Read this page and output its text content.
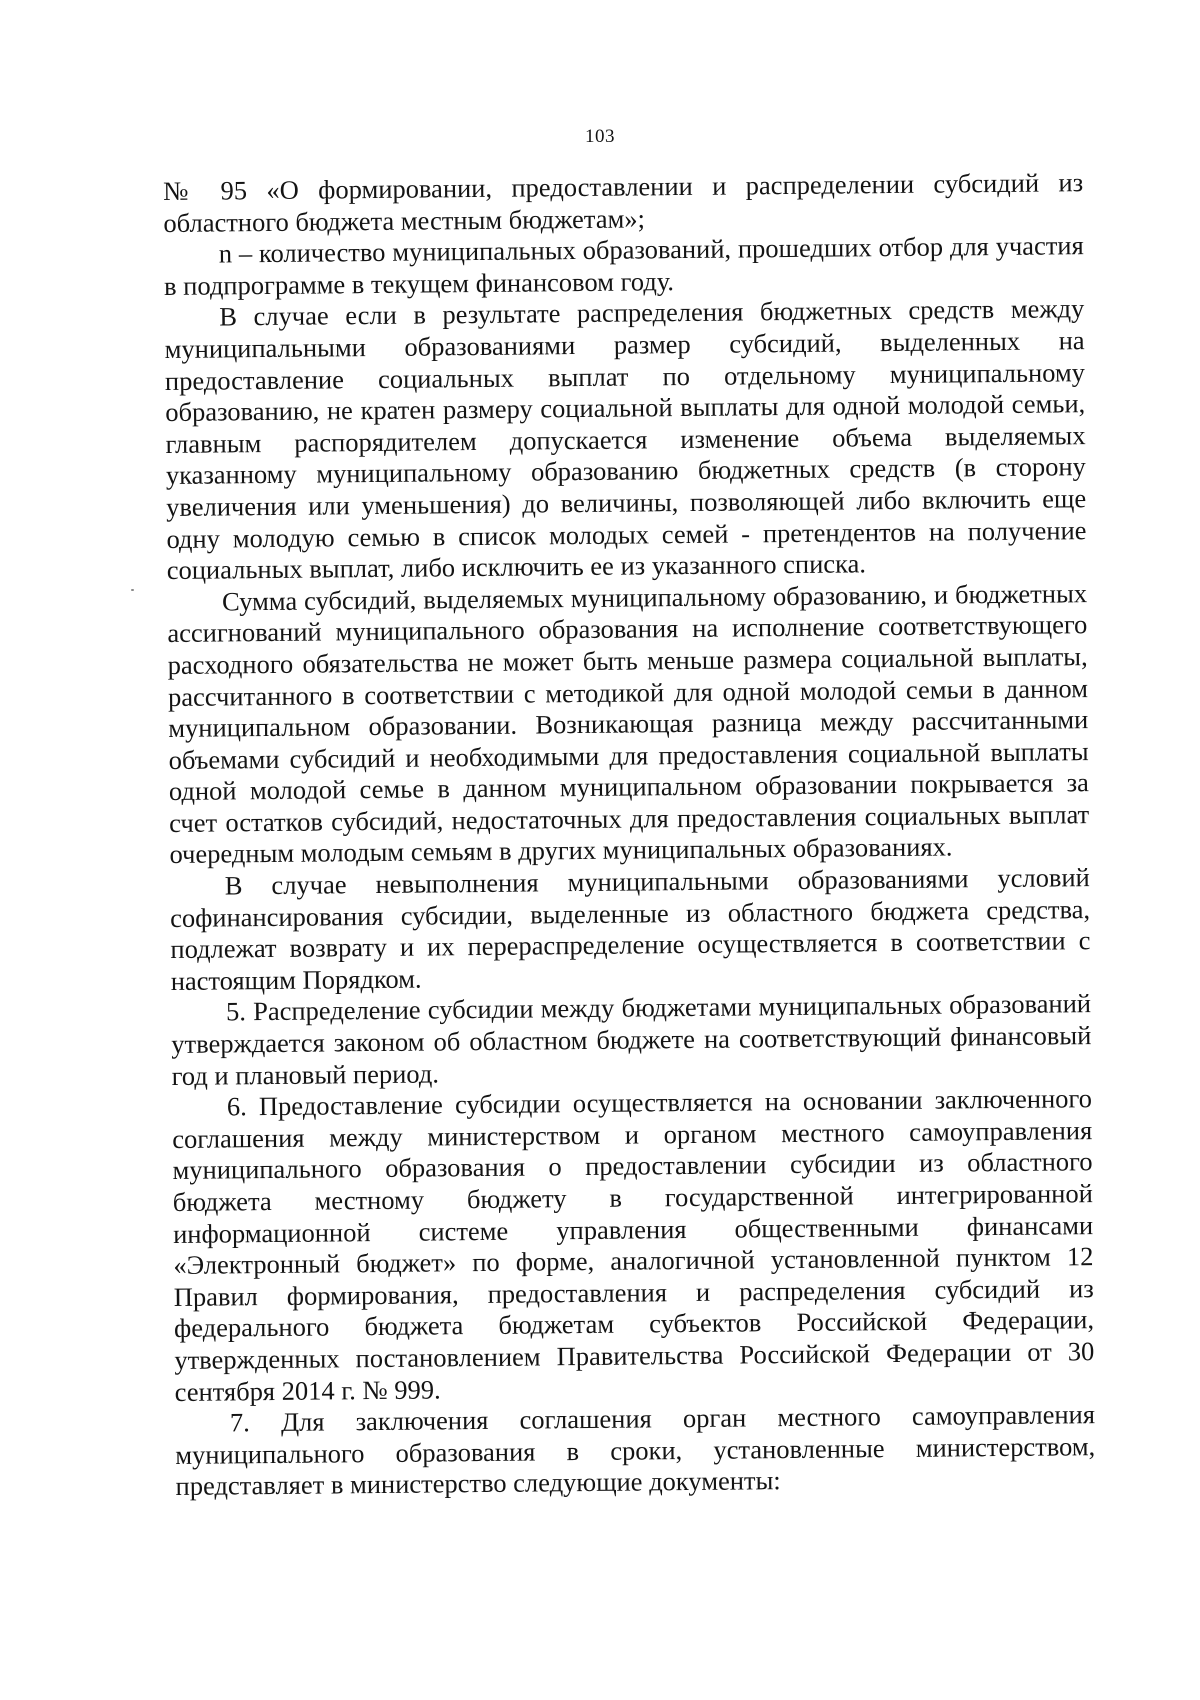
103

№ 95 «О формировании, предоставлении и распределении субсидий из областного бюджета местным бюджетам»;

n – количество муниципальных образований, прошедших отбор для участия в подпрограмме в текущем финансовом году.

В случае если в результате распределения бюджетных средств между муниципальными образованиями размер субсидий, выделенных на предоставление социальных выплат по отдельному муниципальному образованию, не кратен размеру социальной выплаты для одной молодой семьи, главным распорядителем допускается изменение объема выделяемых указанному муниципальному образованию бюджетных средств (в сторону увеличения или уменьшения) до величины, позволяющей либо включить еще одну молодую семью в список молодых семей - претендентов на получение социальных выплат, либо исключить ее из указанного списка.

Сумма субсидий, выделяемых муниципальному образованию, и бюджетных ассигнований муниципального образования на исполнение соответствующего расходного обязательства не может быть меньше размера социальной выплаты, рассчитанного в соответствии с методикой для одной молодой семьи в данном муниципальном образовании. Возникающая разница между рассчитанными объемами субсидий и необходимыми для предоставления социальной выплаты одной молодой семье в данном муниципальном образовании покрывается за счет остатков субсидий, недостаточных для предоставления социальных выплат очередным молодым семьям в других муниципальных образованиях.

В случае невыполнения муниципальными образованиями условий софинансирования субсидии, выделенные из областного бюджета средства, подлежат возврату и их перераспределение осуществляется в соответствии с настоящим Порядком.

5. Распределение субсидии между бюджетами муниципальных образований утверждается законом об областном бюджете на соответствующий финансовый год и плановый период.

6. Предоставление субсидии осуществляется на основании заключенного соглашения между министерством и органом местного самоуправления муниципального образования о предоставлении субсидии из областного бюджета местному бюджету в государственной интегрированной информационной системе управления общественными финансами «Электронный бюджет» по форме, аналогичной установленной пунктом 12 Правил формирования, предоставления и распределения субсидий из федерального бюджета бюджетам субъектов Российской Федерации, утвержденных постановлением Правительства Российской Федерации от 30 сентября 2014 г. № 999.

7. Для заключения соглашения орган местного самоуправления муниципального образования в сроки, установленные министерством, представляет в министерство следующие документы:
